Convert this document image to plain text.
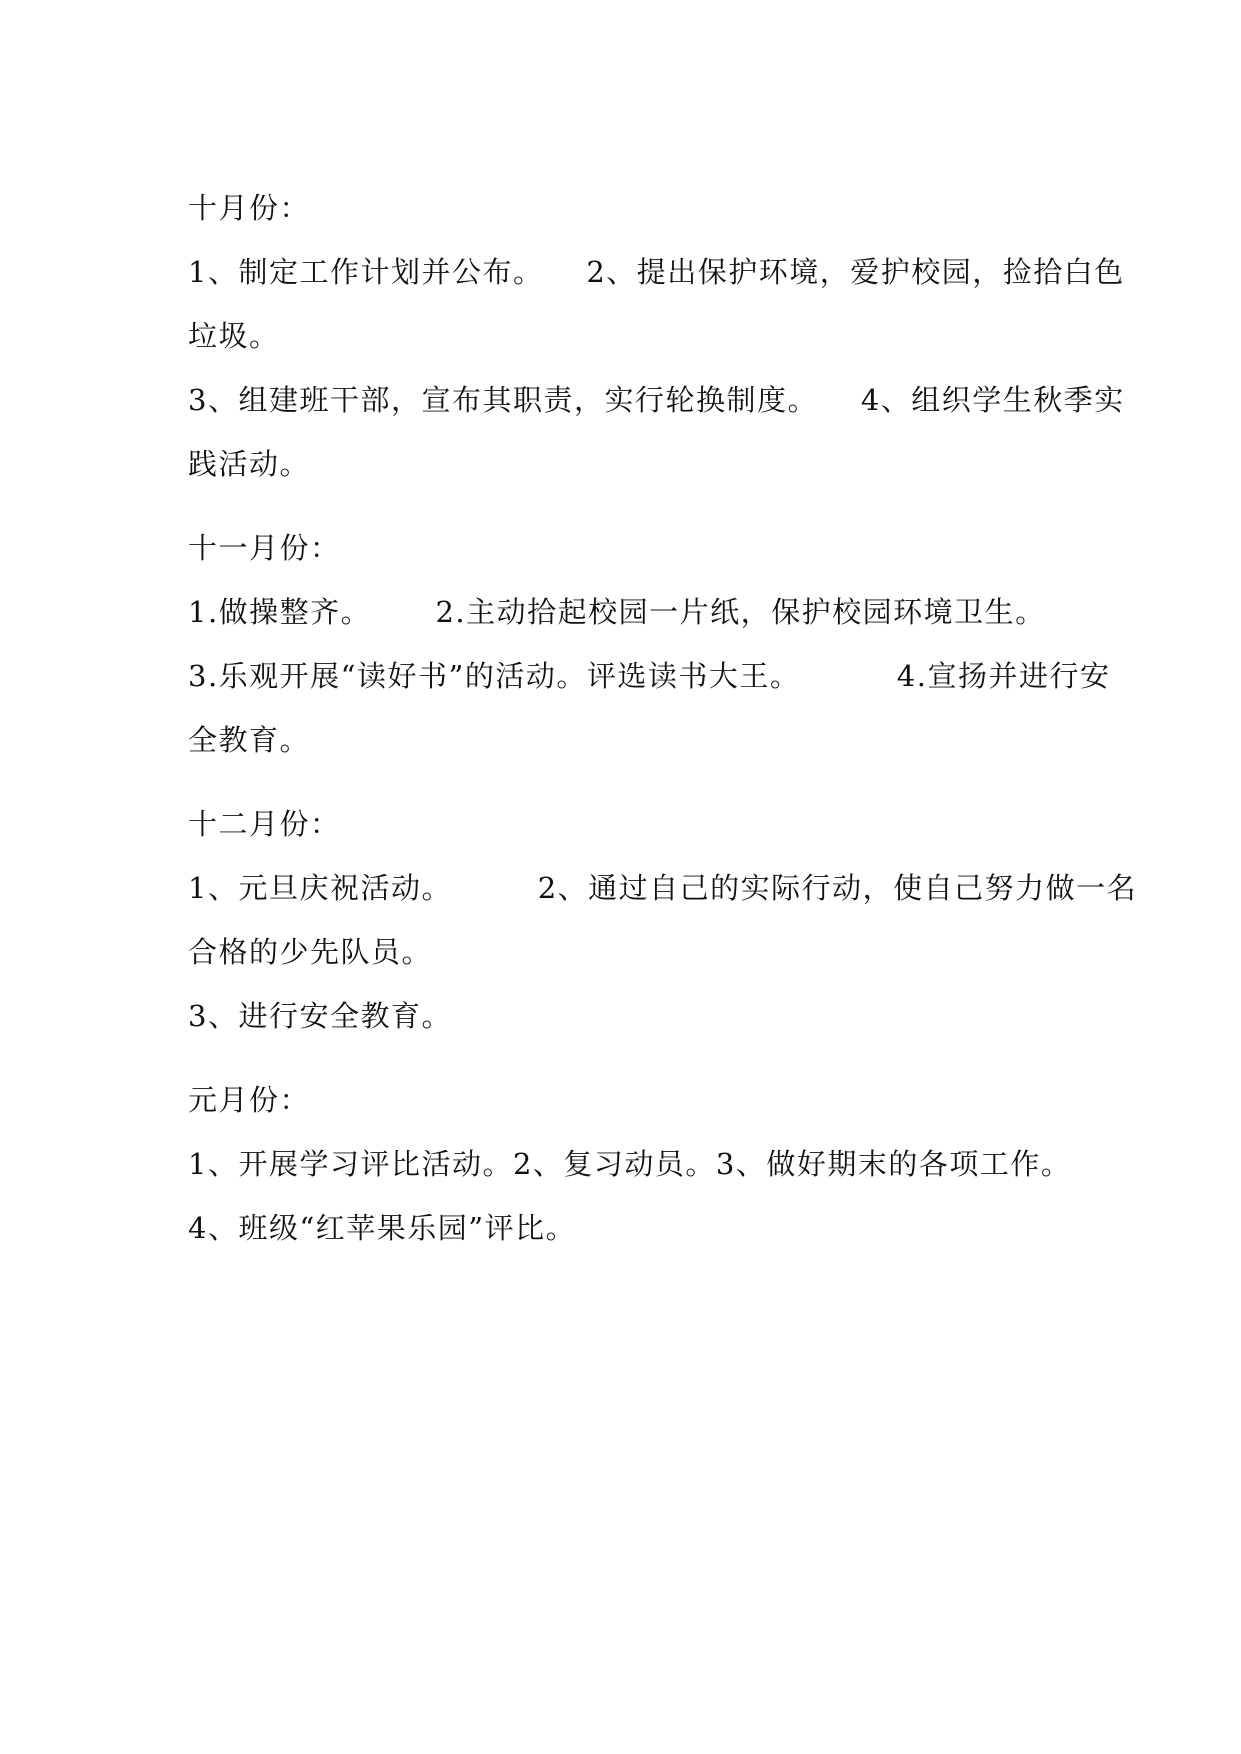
十月份：
1、制定工作计划并公布。    2、提出保护环境，爱护校园，捡拾白色
垃圾。
3、组建班干部，宣布其职责，实行轮换制度。    4、组织学生秋季实
践活动。
十一月份：
1.做操整齐。      2.主动拾起校园一片纸，保护校园环境卫生。
3.乐观开展“读好书”的活动。评选读书大王。         4.宣扬并进行安
全教育。
十二月份：
1、元旦庆祝活动。        2、通过自己的实际行动，使自己努力做一名
合格的少先队员。
3、进行安全教育。
元月份：
1、开展学习评比活动。2、复习动员。3、做好期末的各项工作。
4、班级“红苹果乐园”评比。
